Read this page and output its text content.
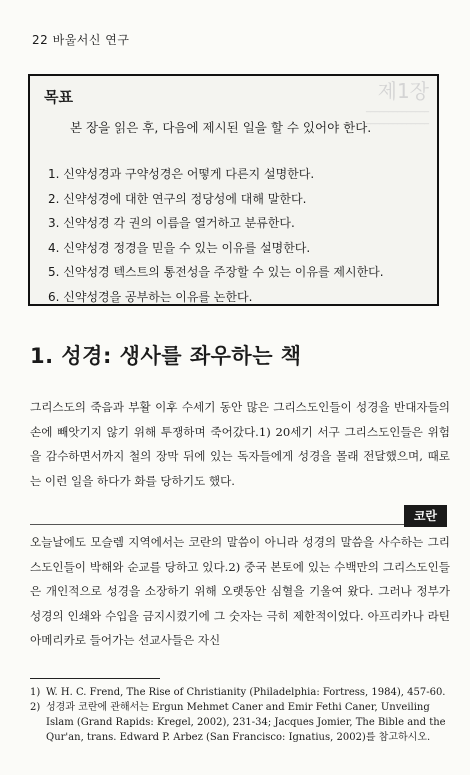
22 바울서신 연구
제1장
______________
______________
목표
본 장을 읽은 후, 다음에 제시된 일을 할 수 있어야 한다.
1. 신약성경과 구약성경은 어떻게 다른지 설명한다.
2. 신약성경에 대한 연구의 정당성에 대해 말한다.
3. 신약성경 각 권의 이름을 열거하고 분류한다.
4. 신약성경 정경을 믿을 수 있는 이유를 설명한다.
5. 신약성경 텍스트의 통전성을 주장할 수 있는 이유를 제시한다.
6. 신약성경을 공부하는 이유를 논한다.
1. 성경: 생사를 좌우하는 책

그리스도의 죽음과 부활 이후 수세기 동안 많은 그리스도인들이 성경을 반대자들의 손에 빼앗기지 않기 위해 투쟁하며 죽어갔다.1) 20세기 서구 그리스도인들은 위험을 감수하면서까지 철의 장막 뒤에 있는 독자들에게 성경을 몰래 전달했으며, 때로는 이런 일을 하다가 화를 당하기도 했다.

코란

오늘날에도 모슬렘 지역에서는 코란의 말씀이 아니라 성경의 말씀을 사수하는 그리스도인들이 박해와 순교를 당하고 있다.2) 중국 본토에 있는 수백만의 그리스도인들은 개인적으로 성경을 소장하기 위해 오랫동안 심혈을 기울여 왔다. 그러나 정부가 성경의 인쇄와 수입을 금지시켰기에 그 숫자는 극히 제한적이었다. 아프리카나 라틴아메리카로 들어가는 선교사들은 자신

1) W. H. C. Frend, The Rise of Christianity (Philadelphia: Fortress, 1984), 457-60.
2) 성경과 코란에 관해서는 Ergun Mehmet Caner and Emir Fethi Caner, Unveiling Islam (Grand Rapids: Kregel, 2002), 231-34; Jacques Jomier, The Bible and the Qur'an, trans. Edward P. Arbez (San Francisco: Ignatius, 2002)를 참고하시오.
